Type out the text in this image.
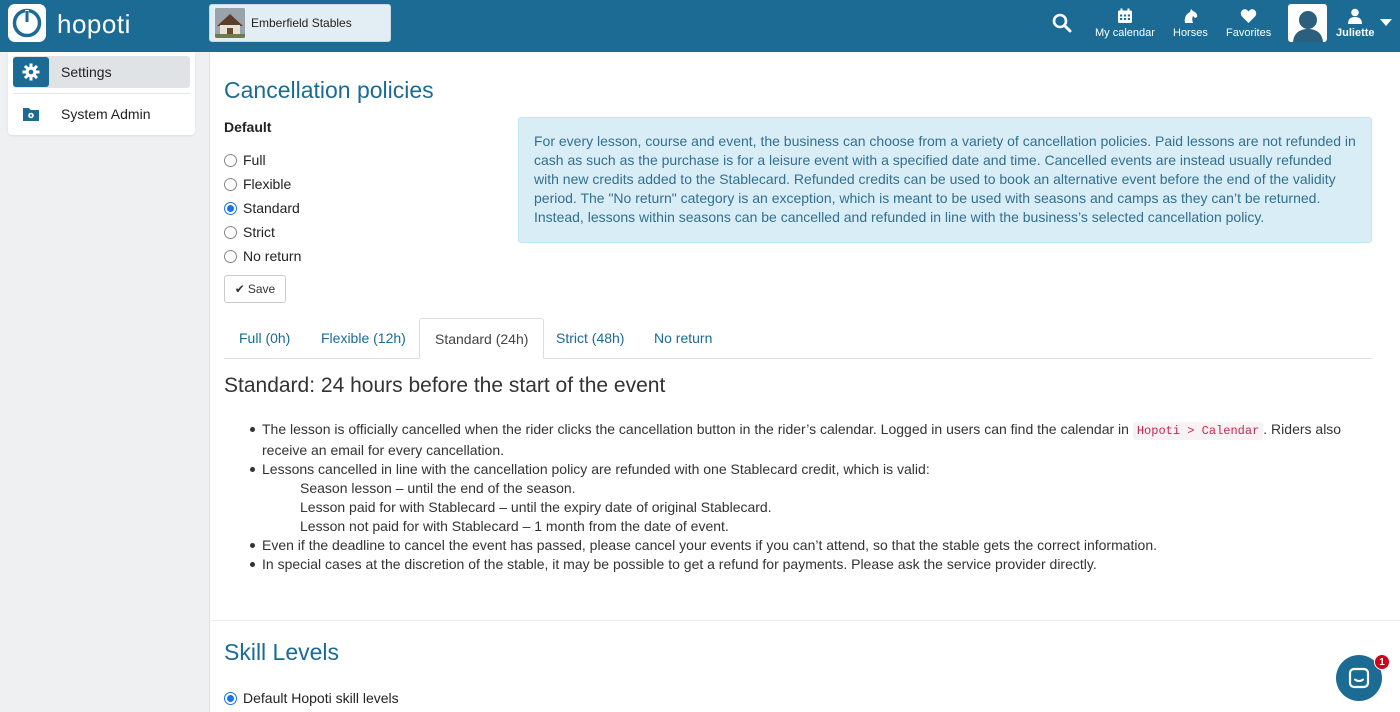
hopoti	Emberfield Stables
My calendar Horses Favorites	Juliette
Settings
System Admin
Cancellation policies
Default
Full
Flexible
Standard
Strict
No return
✔ Save
For every lesson, course and event, the business can choose from a variety of cancellation policies. Paid lessons are not refunded in cash as such as the purchase is for a leisure event with a specified date and time. Cancelled events are instead usually refunded with new credits added to the Stablecard. Refunded credits can be used to book an alternative event before the end of the validity period. The "No return" category is an exception, which is meant to be used with seasons and camps as they can’t be returned. Instead, lessons within seasons can be cancelled and refunded in line with the business’s selected cancellation policy.
Full (0h)	Flexible (12h)	Standard (24h)	Strict (48h)	No return
Standard: 24 hours before the start of the event
The lesson is officially cancelled when the rider clicks the cancellation button in the rider’s calendar. Logged in users can find the calendar in Hopoti > Calendar . Riders also receive an email for every cancellation.
Lessons cancelled in line with the cancellation policy are refunded with one Stablecard credit, which is valid:
Season lesson – until the end of the season.
Lesson paid for with Stablecard – until the expiry date of original Stablecard.
Lesson not paid for with Stablecard – 1 month from the date of event.
Even if the deadline to cancel the event has passed, please cancel your events if you can’t attend, so that the stable gets the correct information.
In special cases at the discretion of the stable, it may be possible to get a refund for payments. Please ask the service provider directly.
Skill Levels
Default Hopoti skill levels
1
